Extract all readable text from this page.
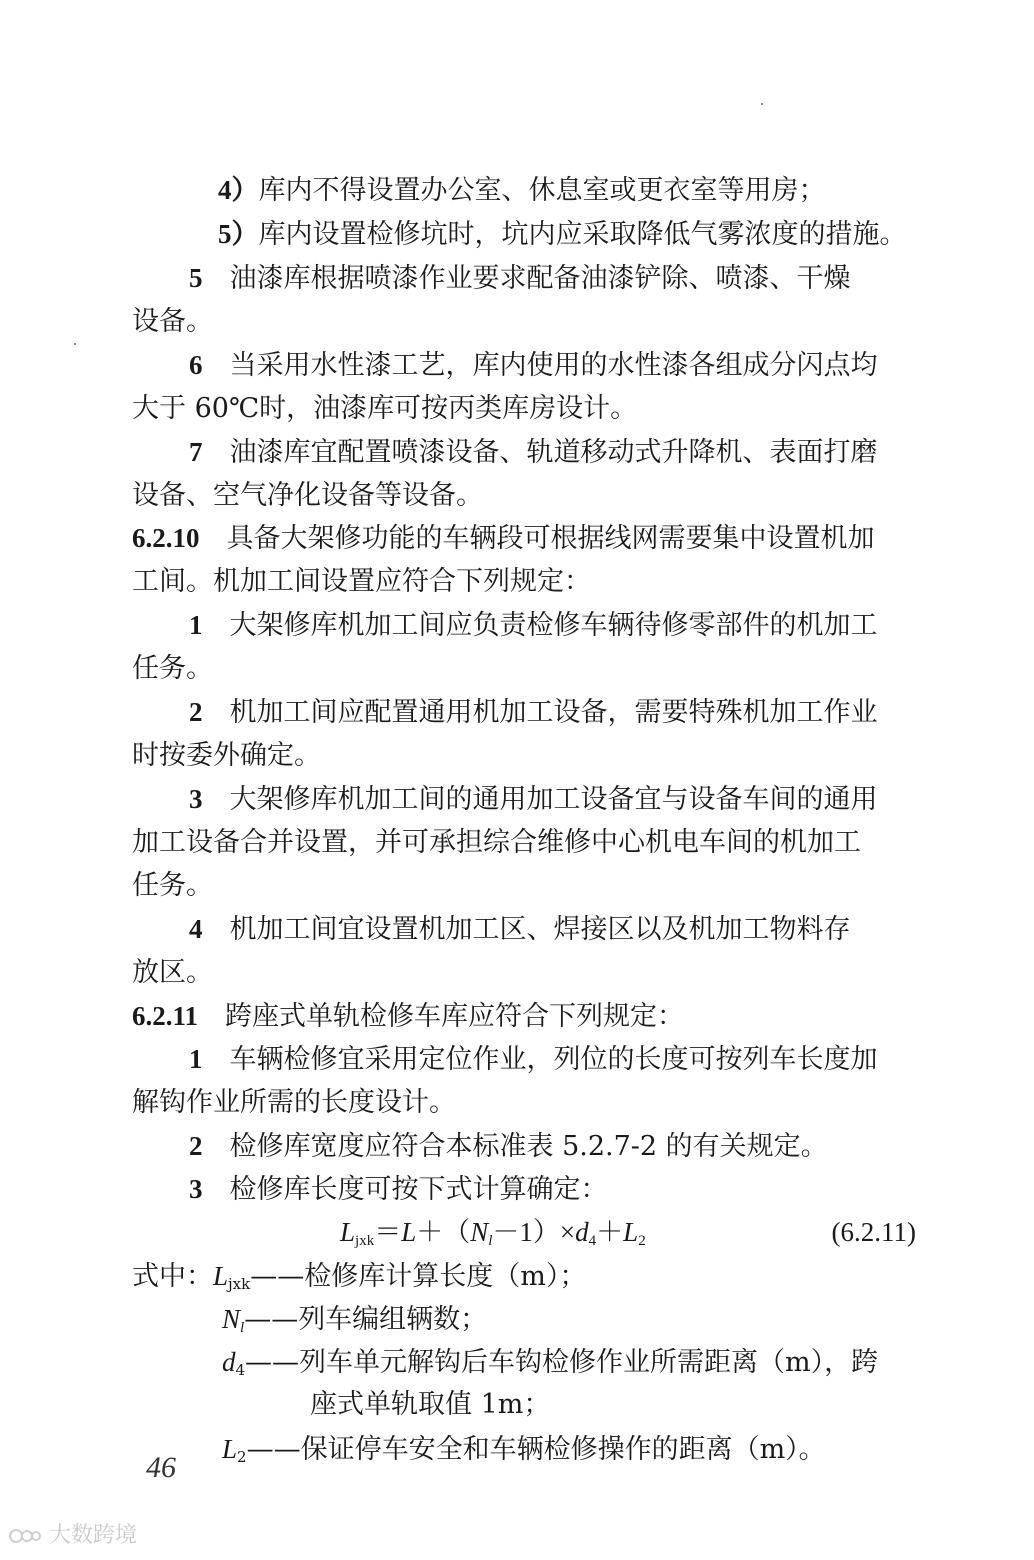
4）库内不得设置办公室、休息室或更衣室等用房；
5）库内设置检修坑时，坑内应采取降低气雾浓度的措施。
5  油漆库根据喷漆作业要求配备油漆铲除、喷漆、干燥
设备。
6  当采用水性漆工艺，库内使用的水性漆各组成分闪点均
大于 60℃时，油漆库可按丙类库房设计。
7  油漆库宜配置喷漆设备、轨道移动式升降机、表面打磨
设备、空气净化设备等设备。
6.2.10  具备大架修功能的车辆段可根据线网需要集中设置机加
工间。机加工间设置应符合下列规定：
1  大架修库机加工间应负责检修车辆待修零部件的机加工
任务。
2  机加工间应配置通用机加工设备，需要特殊机加工作业
时按委外确定。
3  大架修库机加工间的通用加工设备宜与设备车间的通用
加工设备合并设置，并可承担综合维修中心机电车间的机加工
任务。
4  机加工间宜设置机加工区、焊接区以及机加工物料存
放区。
6.2.11  跨座式单轨检修车库应符合下列规定：
1  车辆检修宜采用定位作业，列位的长度可按列车长度加
解钩作业所需的长度设计。
2  检修库宽度应符合本标准表 5.2.7-2 的有关规定。
3  检修库长度可按下式计算确定：
$L_{jxk}=L+(N_l-1)\times d_4+L_2$	(6.2.11)
式中：$L_{jxk}——$检修库计算长度（m）；
$N_l——$列车编组辆数；
$d_4——$列车单元解钩后车钩检修作业所需距离（m），跨
座式单轨取值 1m；
$L_2——$保证停车安全和车辆检修操作的距离（m）。
46
大数跨境
